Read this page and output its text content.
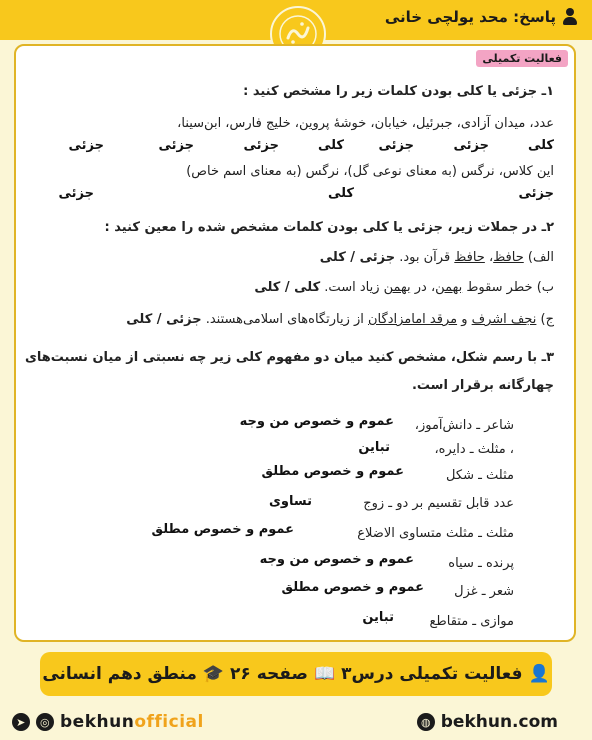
پاسخ: محد یولچی خانی
فعالیت تکمیلی
۱ـ جزئی یا کلی بودن کلمات زیر را مشخص کنید :
عدد، میدان آزادی، جبرئیل، خیابان، خوشهٔ پروین، خلیج فارس، ابن‌سینا،
کلی
جزئی
جزئی
کلی
جزئی
جزئی
جزئی
این کلاس، نرگس (به معنای نوعی گل)، نرگس (به معنای اسم خاص)
جزئی
کلی
جزئی
۲ـ در جملات زیر، جزئی یا کلی بودن کلمات مشخص شده را معین کنید :
الف) حافظ، حافظ قرآن بود. جزئی / کلی
ب) خطر سقوط بهمن، در بهمن زیاد است. کلی / کلی
ج) نجف اشرف و مرقد امامزادگان از زیارتگاه‌های اسلامی‌هستند. جزئی / کلی
۳ـ با رسم شکل، مشخص کنید میان دو مفهوم کلی زیر چه نسبتی از میان نسبت‌های
چهارگانه برقرار است.
شاعر ـ دانش‌آموز،
عموم و خصوص من وجه
، مثلث ـ دایره،
تباین
مثلث ـ شکل
عموم و خصوص مطلق
عدد قابل تقسیم بر دو ـ زوج
تساوی
مثلث ـ مثلث متساوی الاضلاع
عموم و خصوص مطلق
پرنده ـ سیاه
عموم و خصوص من وجه
شعر ـ غزل
عموم و خصوص مطلق
موازی ـ متقاطع
تباین
👤
فعالیت تکمیلی درس۳
📖
صفحه ۲۶
🎓
منطق دهم انسانی
➤	◎ bekhunofficial	◍ bekhun.com
